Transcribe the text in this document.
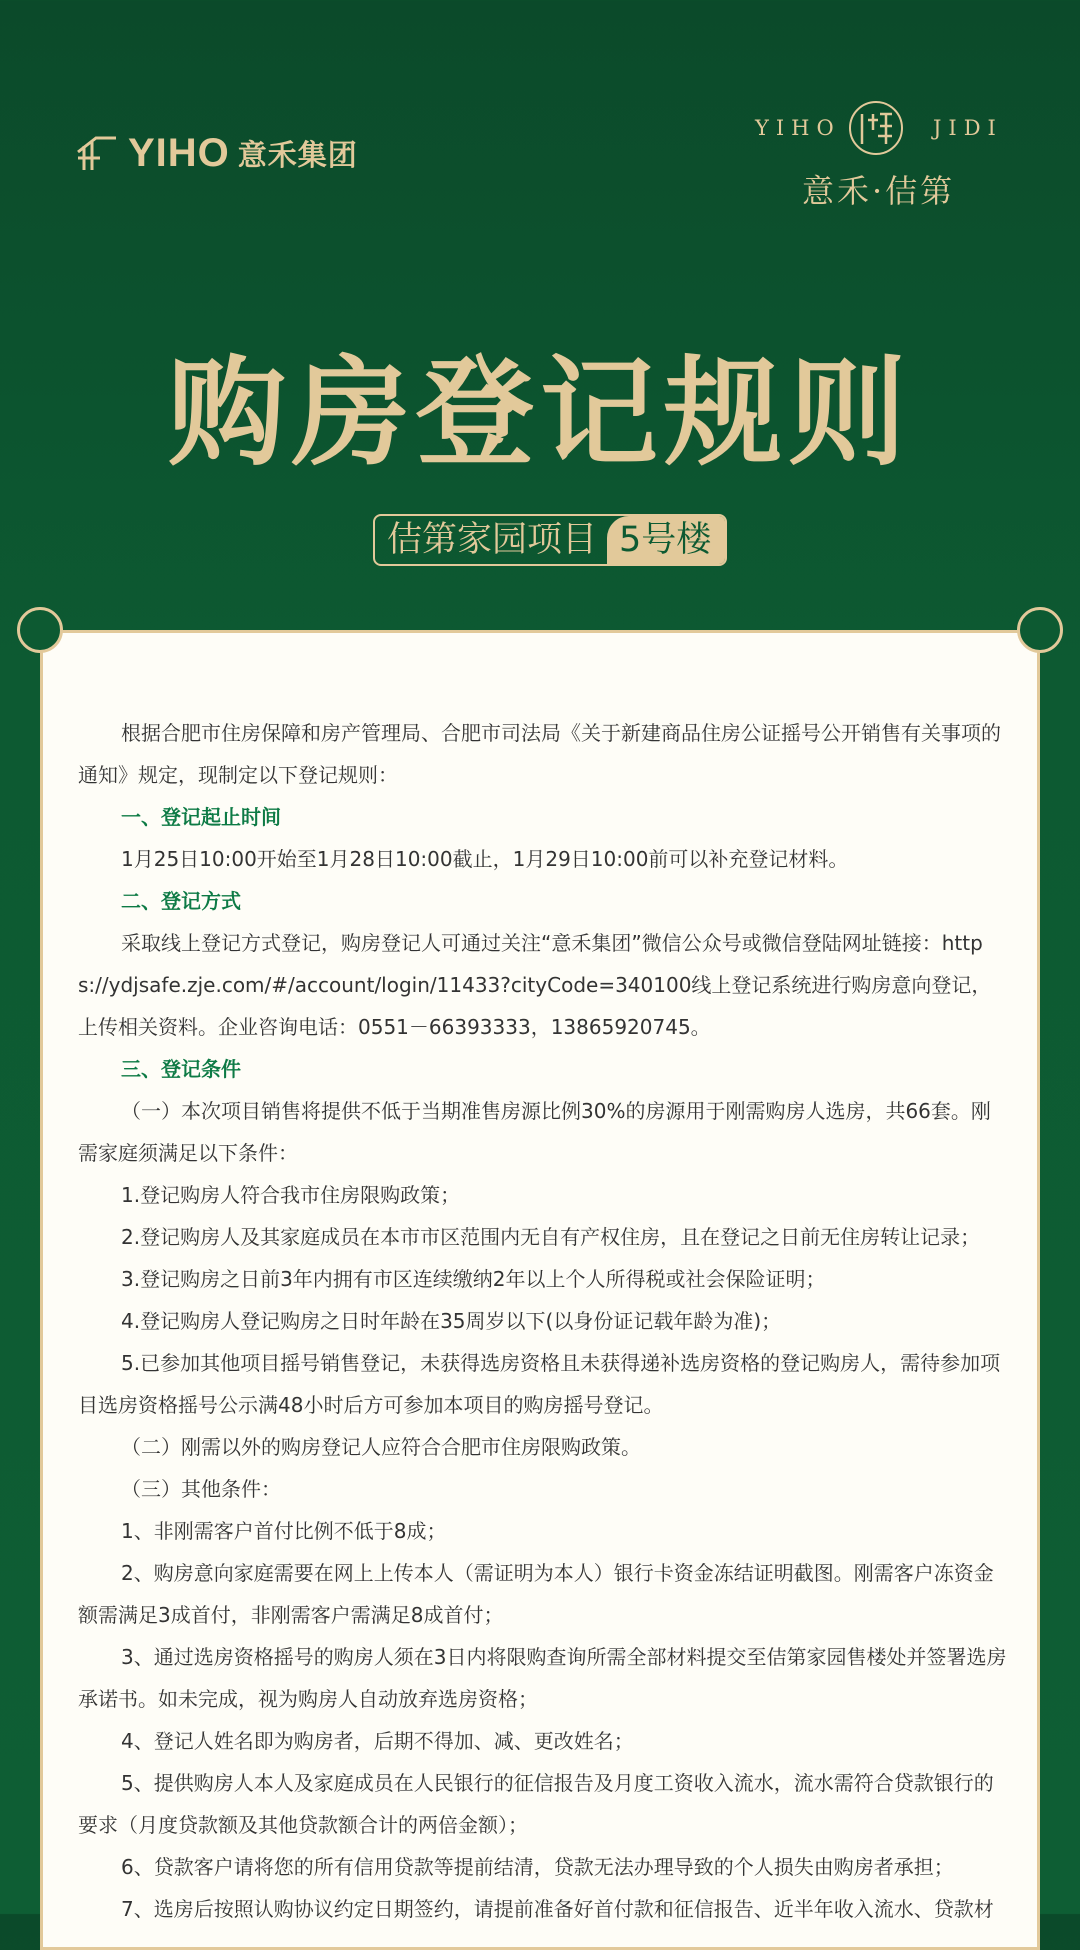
YIHO 意禾集团
YIHO	JIDI
意禾·佶第
购房登记规则
佶第家园项目 5号楼

根据合肥市住房保障和房产管理局、合肥市司法局《关于新建商品住房公证摇号公开销售有关事项的通知》规定，现制定以下登记规则：

一、登记起止时间

1月25日10:00开始至1月28日10:00截止，1月29日10:00前可以补充登记材料。

二、登记方式

采取线上登记方式登记，购房登记人可通过关注“意禾集团”微信公众号或微信登陆网址链接：https://ydjsafe.zje.com/#/account/login/11433?cityCode=340100线上登记系统进行购房意向登记，上传相关资料。企业咨询电话：0551－66393333，13865920745。

三、登记条件

（一）本次项目销售将提供不低于当期准售房源比例30%的房源用于刚需购房人选房，共66套。刚需家庭须满足以下条件：

1.登记购房人符合我市住房限购政策；

2.登记购房人及其家庭成员在本市市区范围内无自有产权住房，且在登记之日前无住房转让记录；

3.登记购房之日前3年内拥有市区连续缴纳2年以上个人所得税或社会保险证明；

4.登记购房人登记购房之日时年龄在35周岁以下(以身份证记载年龄为准)；

5.已参加其他项目摇号销售登记，未获得选房资格且未获得递补选房资格的登记购房人，需待参加项目选房资格摇号公示满48小时后方可参加本项目的购房摇号登记。

（二）刚需以外的购房登记人应符合合肥市住房限购政策。

（三）其他条件：

1、非刚需客户首付比例不低于8成；

2、购房意向家庭需要在网上上传本人（需证明为本人）银行卡资金冻结证明截图。刚需客户冻资金额需满足3成首付，非刚需客户需满足8成首付；

3、通过选房资格摇号的购房人须在3日内将限购查询所需全部材料提交至佶第家园售楼处并签署选房承诺书。如未完成，视为购房人自动放弃选房资格；

4、登记人姓名即为购房者，后期不得加、减、更改姓名；

5、提供购房人本人及家庭成员在人民银行的征信报告及月度工资收入流水，流水需符合贷款银行的要求（月度贷款额及其他贷款额合计的两倍金额）；

6、贷款客户请将您的所有信用贷款等提前结清，贷款无法办理导致的个人损失由购房者承担；

7、选房后按照认购协议约定日期签约，请提前准备好首付款和征信报告、近半年收入流水、贷款材
